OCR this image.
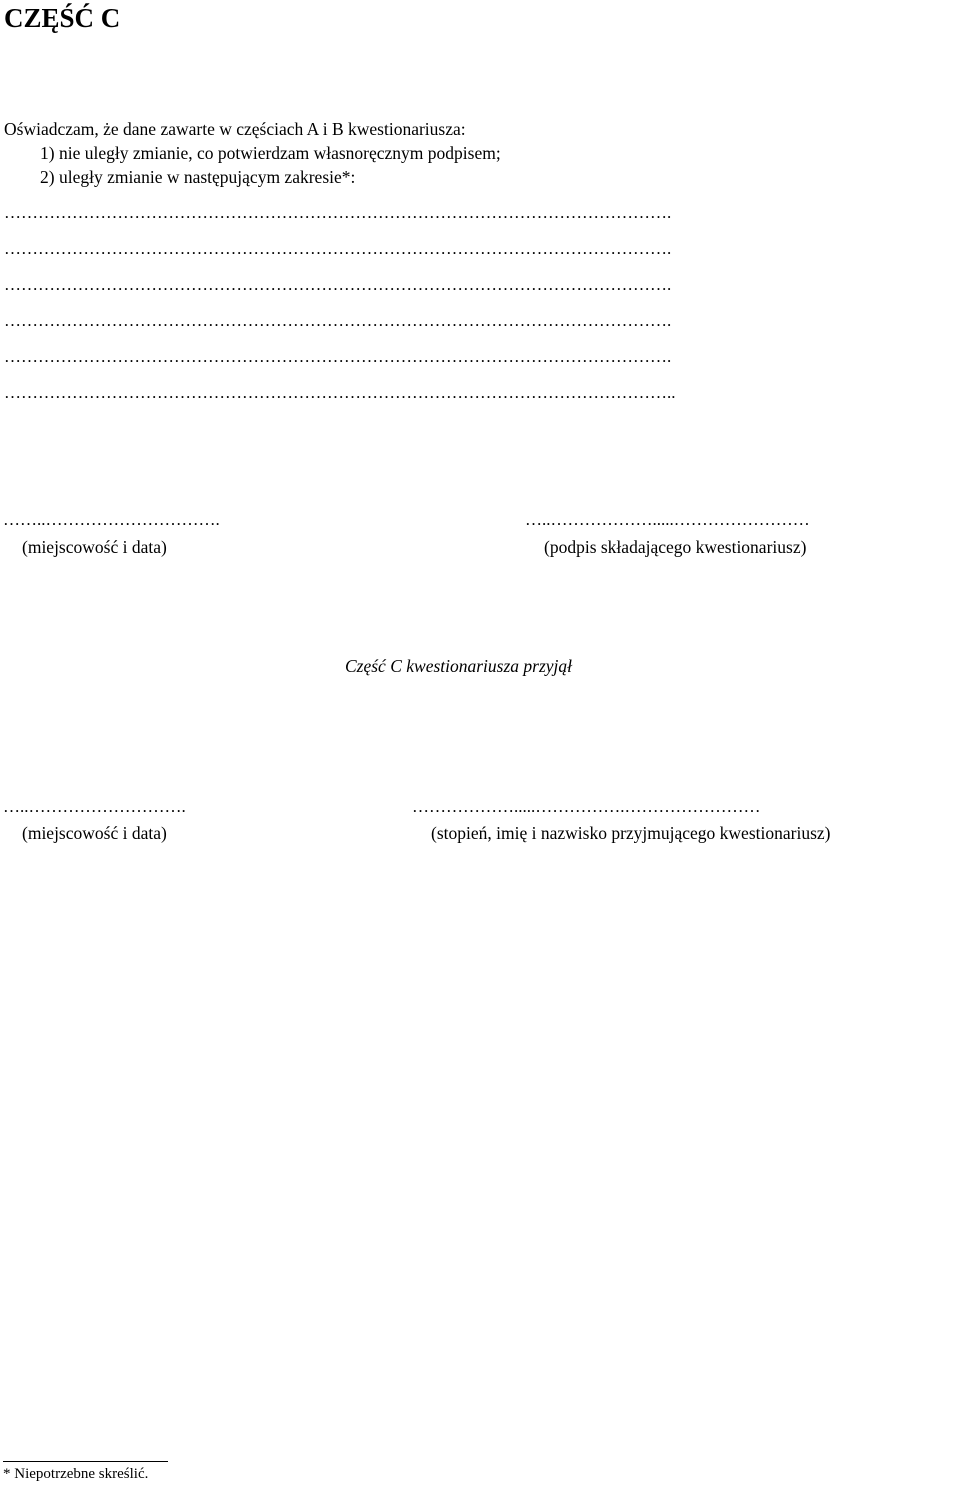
CZĘŚĆ C
Oświadczam, że dane zawarte w częściach A i B kwestionariusza:
1) nie uległy zmianie, co potwierdzam własnoręcznym podpisem;
2) uległy zmianie w następującym zakresie*:
……………………………………………………………………………………………………….
……………………………………………………………………………………………………….
……………………………………………………………………………………………………….
……………………………………………………………………………………………………….
……………………………………………………………………………………………………….
………………………………………………………………………………………………………..
……..………………………….
(miejscowość i data)
…..……………….....……………………
(podpis składającego kwestionariusz)
Część C kwestionariusza przyjął
…..……………………….
(miejscowość i data)
……………….....…………….……………………
(stopień, imię i nazwisko przyjmującego kwestionariusz)
* Niepotrzebne skreślić.
